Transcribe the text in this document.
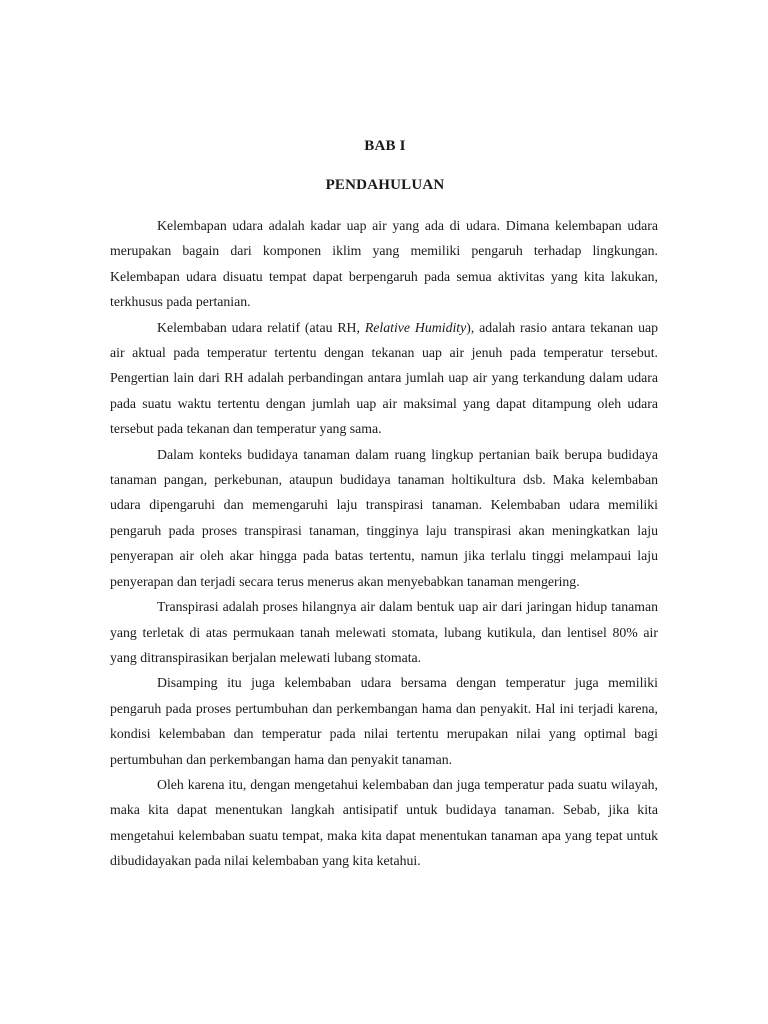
BAB I
PENDAHULUAN

Kelembapan udara adalah kadar uap air yang ada di udara. Dimana kelembapan udara merupakan bagain dari komponen iklim yang memiliki pengaruh terhadap lingkungan. Kelembapan udara disuatu tempat dapat berpengaruh pada semua aktivitas yang kita lakukan, terkhusus pada pertanian.

Kelembaban udara relatif (atau RH, Relative Humidity), adalah rasio antara tekanan uap air aktual pada temperatur tertentu dengan tekanan uap air jenuh pada temperatur tersebut. Pengertian lain dari RH adalah perbandingan antara jumlah uap air yang terkandung dalam udara pada suatu waktu tertentu dengan jumlah uap air maksimal yang dapat ditampung oleh udara tersebut pada tekanan dan temperatur yang sama.

Dalam konteks budidaya tanaman dalam ruang lingkup pertanian baik berupa budidaya tanaman pangan, perkebunan, ataupun budidaya tanaman holtikultura dsb. Maka kelembaban udara dipengaruhi dan memengaruhi laju transpirasi tanaman. Kelembaban udara memiliki pengaruh pada proses transpirasi tanaman, tingginya laju transpirasi akan meningkatkan laju penyerapan air oleh akar hingga pada batas tertentu, namun jika terlalu tinggi melampaui laju penyerapan dan terjadi secara terus menerus akan menyebabkan tanaman mengering.

Transpirasi adalah proses hilangnya air dalam bentuk uap air dari jaringan hidup tanaman yang terletak di atas permukaan tanah melewati stomata, lubang kutikula, dan lentisel 80% air yang ditranspirasikan berjalan melewati lubang stomata.

Disamping itu juga kelembaban udara bersama dengan temperatur juga memiliki pengaruh pada proses pertumbuhan dan perkembangan hama dan penyakit. Hal ini terjadi karena, kondisi kelembaban dan temperatur pada nilai tertentu merupakan nilai yang optimal bagi pertumbuhan dan perkembangan hama dan penyakit tanaman.

Oleh karena itu, dengan mengetahui kelembaban dan juga temperatur pada suatu wilayah, maka kita dapat menentukan langkah antisipatif untuk budidaya tanaman. Sebab, jika kita mengetahui kelembaban suatu tempat, maka kita dapat menentukan tanaman apa yang tepat untuk dibudidayakan pada nilai kelembaban yang kita ketahui.
